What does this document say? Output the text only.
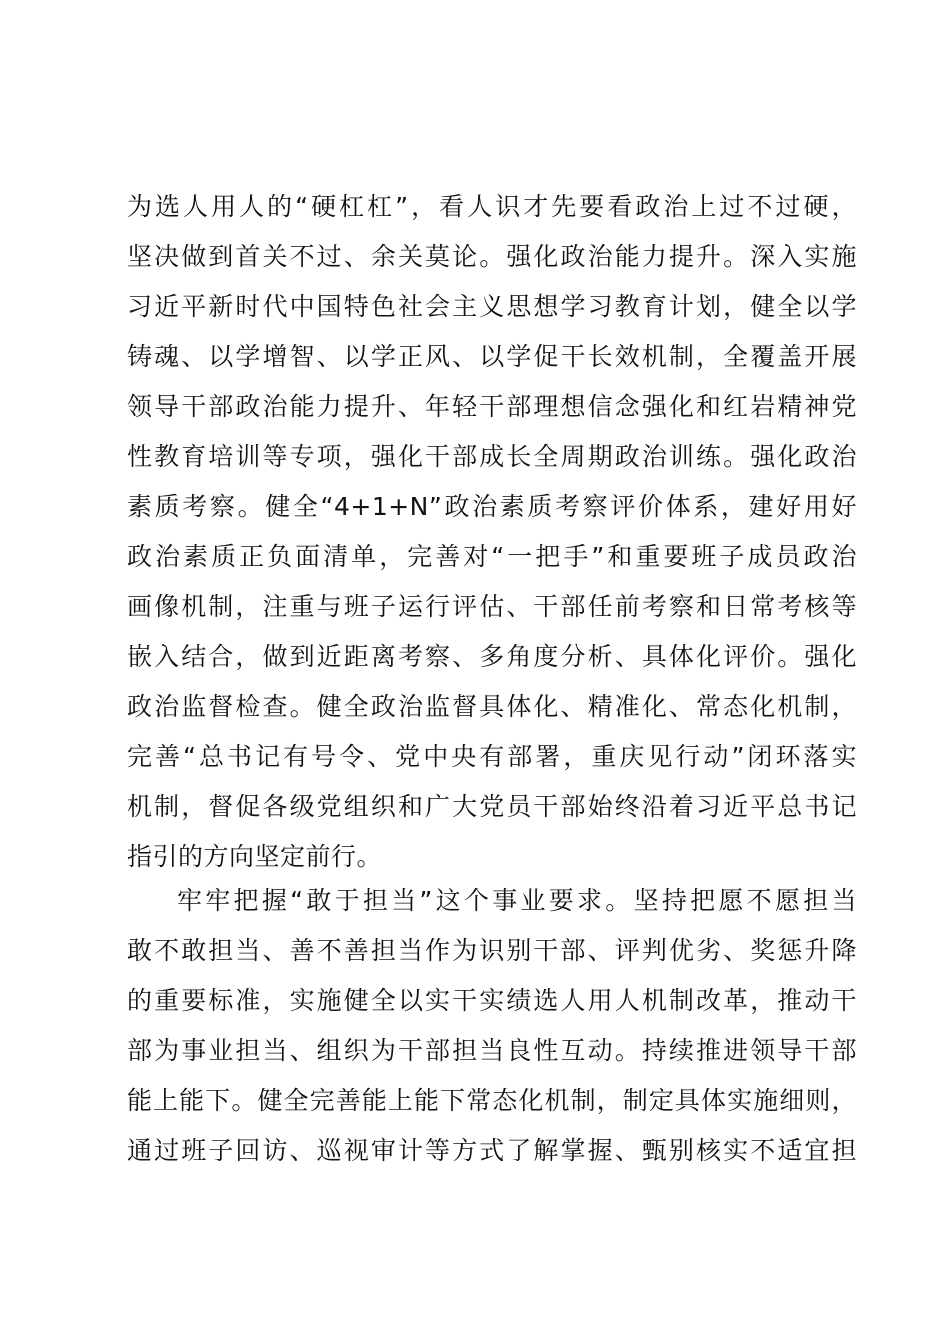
为选人用人的“硬杠杠”，看人识才先要看政治上过不过硬，
坚决做到首关不过、余关莫论。强化政治能力提升。深入实施
习近平新时代中国特色社会主义思想学习教育计划，健全以学
铸魂、以学增智、以学正风、以学促干长效机制，全覆盖开展
领导干部政治能力提升、年轻干部理想信念强化和红岩精神党
性教育培训等专项，强化干部成长全周期政治训练。强化政治
素质考察。健全“4+1+N”政治素质考察评价体系，建好用好
政治素质正负面清单，完善对“一把手”和重要班子成员政治
画像机制，注重与班子运行评估、干部任前考察和日常考核等
嵌入结合，做到近距离考察、多角度分析、具体化评价。强化
政治监督检查。健全政治监督具体化、精准化、常态化机制，
完善“总书记有号令、党中央有部署，重庆见行动”闭环落实
机制，督促各级党组织和广大党员干部始终沿着习近平总书记
指引的方向坚定前行。
牢牢把握“敢于担当”这个事业要求。坚持把愿不愿担当
敢不敢担当、善不善担当作为识别干部、评判优劣、奖惩升降
的重要标准，实施健全以实干实绩选人用人机制改革，推动干
部为事业担当、组织为干部担当良性互动。持续推进领导干部
能上能下。健全完善能上能下常态化机制，制定具体实施细则，
通过班子回访、巡视审计等方式了解掌握、甄别核实不适宜担
